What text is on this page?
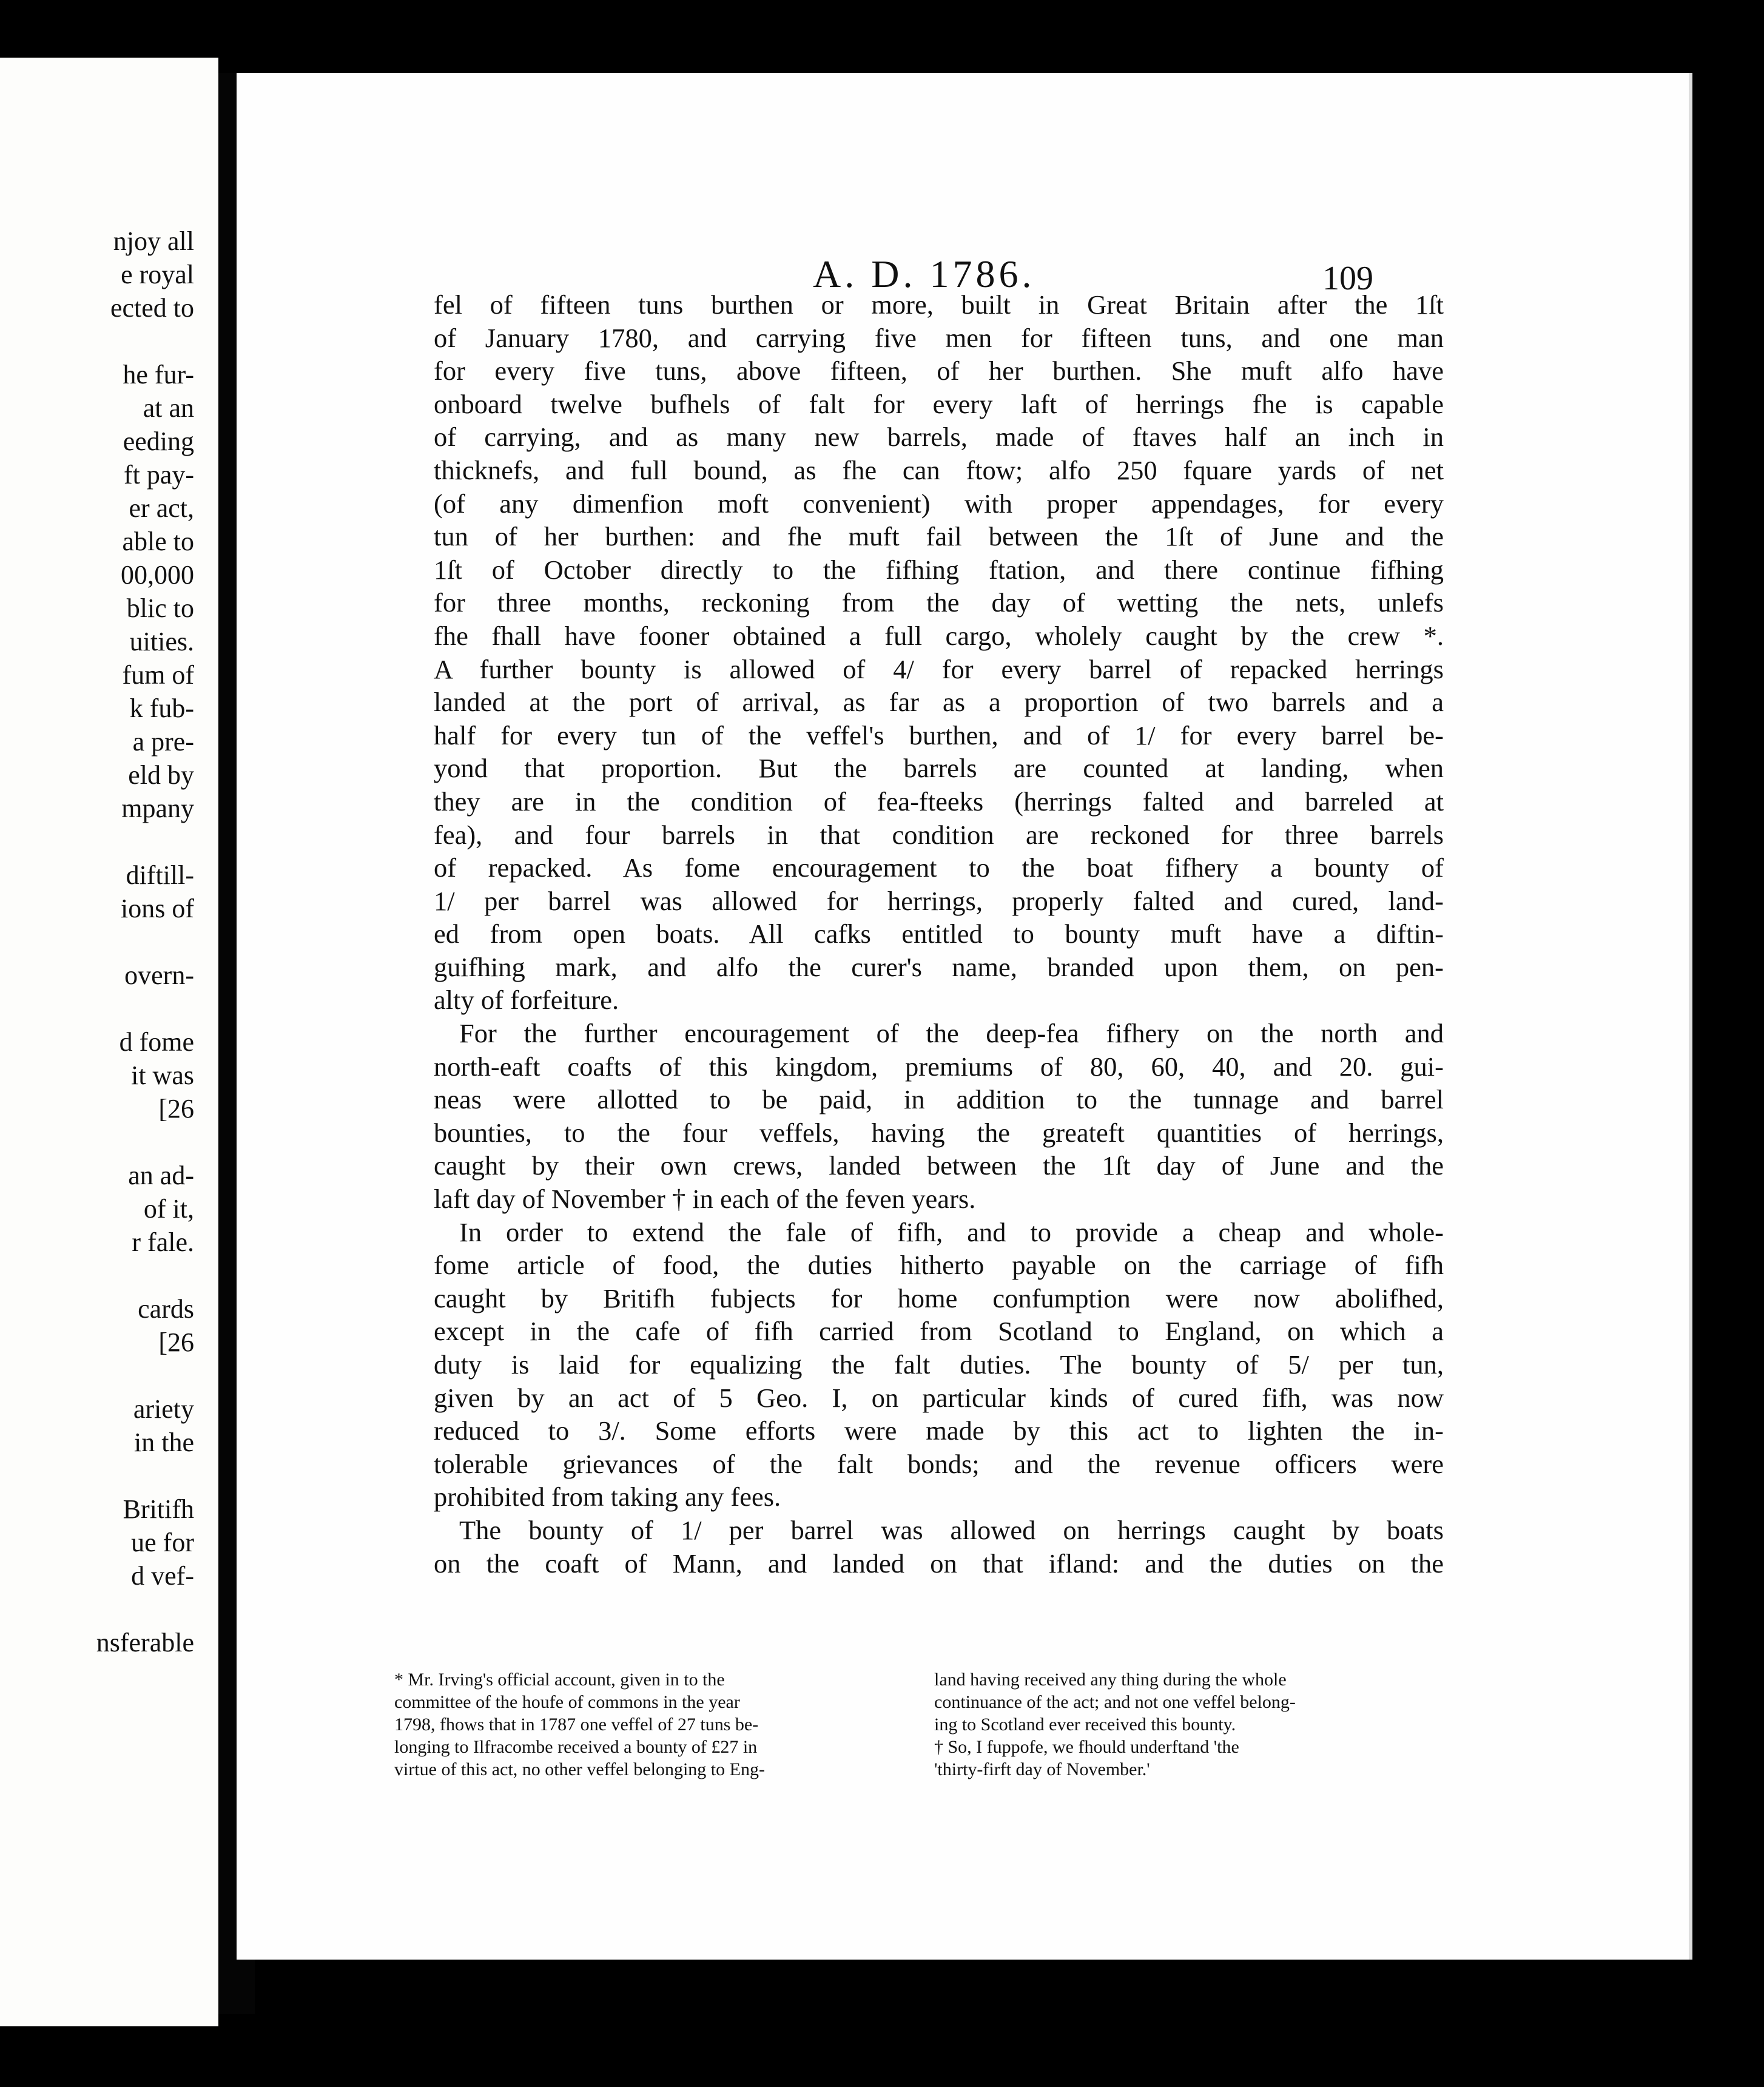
njoy all
e royal
ected to
he fur-
at an
eeding
ft pay-
er act,
able to
00,000
blic to
uities.
fum of
k fub-
a pre-
eld by
mpany
diftill-
ions of
overn-
d fome
it was
[26
an ad-
of it,
r fale.
cards
[26
ariety
in the
Britifh
ue for
d vef-
nsferable
A. D. 1786.	109
fel of fifteen tuns burthen or more, built in Great Britain after the 1ſt
of January 1780, and carrying five men for fifteen tuns, and one man
for every five tuns, above fifteen, of her burthen. She muft alfo have
onboard twelve bufhels of falt for every laft of herrings fhe is capable
of carrying, and as many new barrels, made of ftaves half an inch in
thicknefs, and full bound, as fhe can ftow; alfo 250 fquare yards of net
(of any dimenfion moft convenient) with proper appendages, for every
tun of her burthen: and fhe muft fail between the 1ſt of June and the
1ſt of October directly to the fifhing ftation, and there continue fifhing
for three months, reckoning from the day of wetting the nets, unlefs
fhe fhall have fooner obtained a full cargo, wholely caught by the crew *.
A further bounty is allowed of 4/ for every barrel of repacked herrings
landed at the port of arrival, as far as a proportion of two barrels and a
half for every tun of the veffel's burthen, and of 1/ for every barrel be-
yond that proportion. But the barrels are counted at landing, when
they are in the condition of fea-fteeks (herrings falted and barreled at
fea), and four barrels in that condition are reckoned for three barrels
of repacked. As fome encouragement to the boat fifhery a bounty of
1/ per barrel was allowed for herrings, properly falted and cured, land-
ed from open boats. All cafks entitled to bounty muft have a diftin-
guifhing mark, and alfo the curer's name, branded upon them, on pen-
alty of forfeiture.
For the further encouragement of the deep-fea fifhery on the north and
north-eaft coafts of this kingdom, premiums of 80, 60, 40, and 20. gui-
neas were allotted to be paid, in addition to the tunnage and barrel
bounties, to the four veffels, having the greateft quantities of herrings,
caught by their own crews, landed between the 1ſt day of June and the
laft day of November † in each of the feven years.
In order to extend the fale of fifh, and to provide a cheap and whole-
fome article of food, the duties hitherto payable on the carriage of fifh
caught by Britifh fubjects for home confumption were now abolifhed,
except in the cafe of fifh carried from Scotland to England, on which a
duty is laid for equalizing the falt duties. The bounty of 5/ per tun,
given by an act of 5 Geo. I, on particular kinds of cured fifh, was now
reduced to 3/. Some efforts were made by this act to lighten the in-
tolerable grievances of the falt bonds; and the revenue officers were
prohibited from taking any fees.
The bounty of 1/ per barrel was allowed on herrings caught by boats
on the coaft of Mann, and landed on that ifland: and the duties on the
* Mr. Irving's official account, given in to the
committee of the houfe of commons in the year
1798, fhows that in 1787 one veffel of 27 tuns be-
longing to Ilfracombe received a bounty of £27 in
virtue of this act, no other veffel belonging to Eng-
land having received any thing during the whole
continuance of the act; and not one veffel belong-
ing to Scotland ever received this bounty.
† So, I fuppofe, we fhould underftand 'the
'thirty-firft day of November.'
